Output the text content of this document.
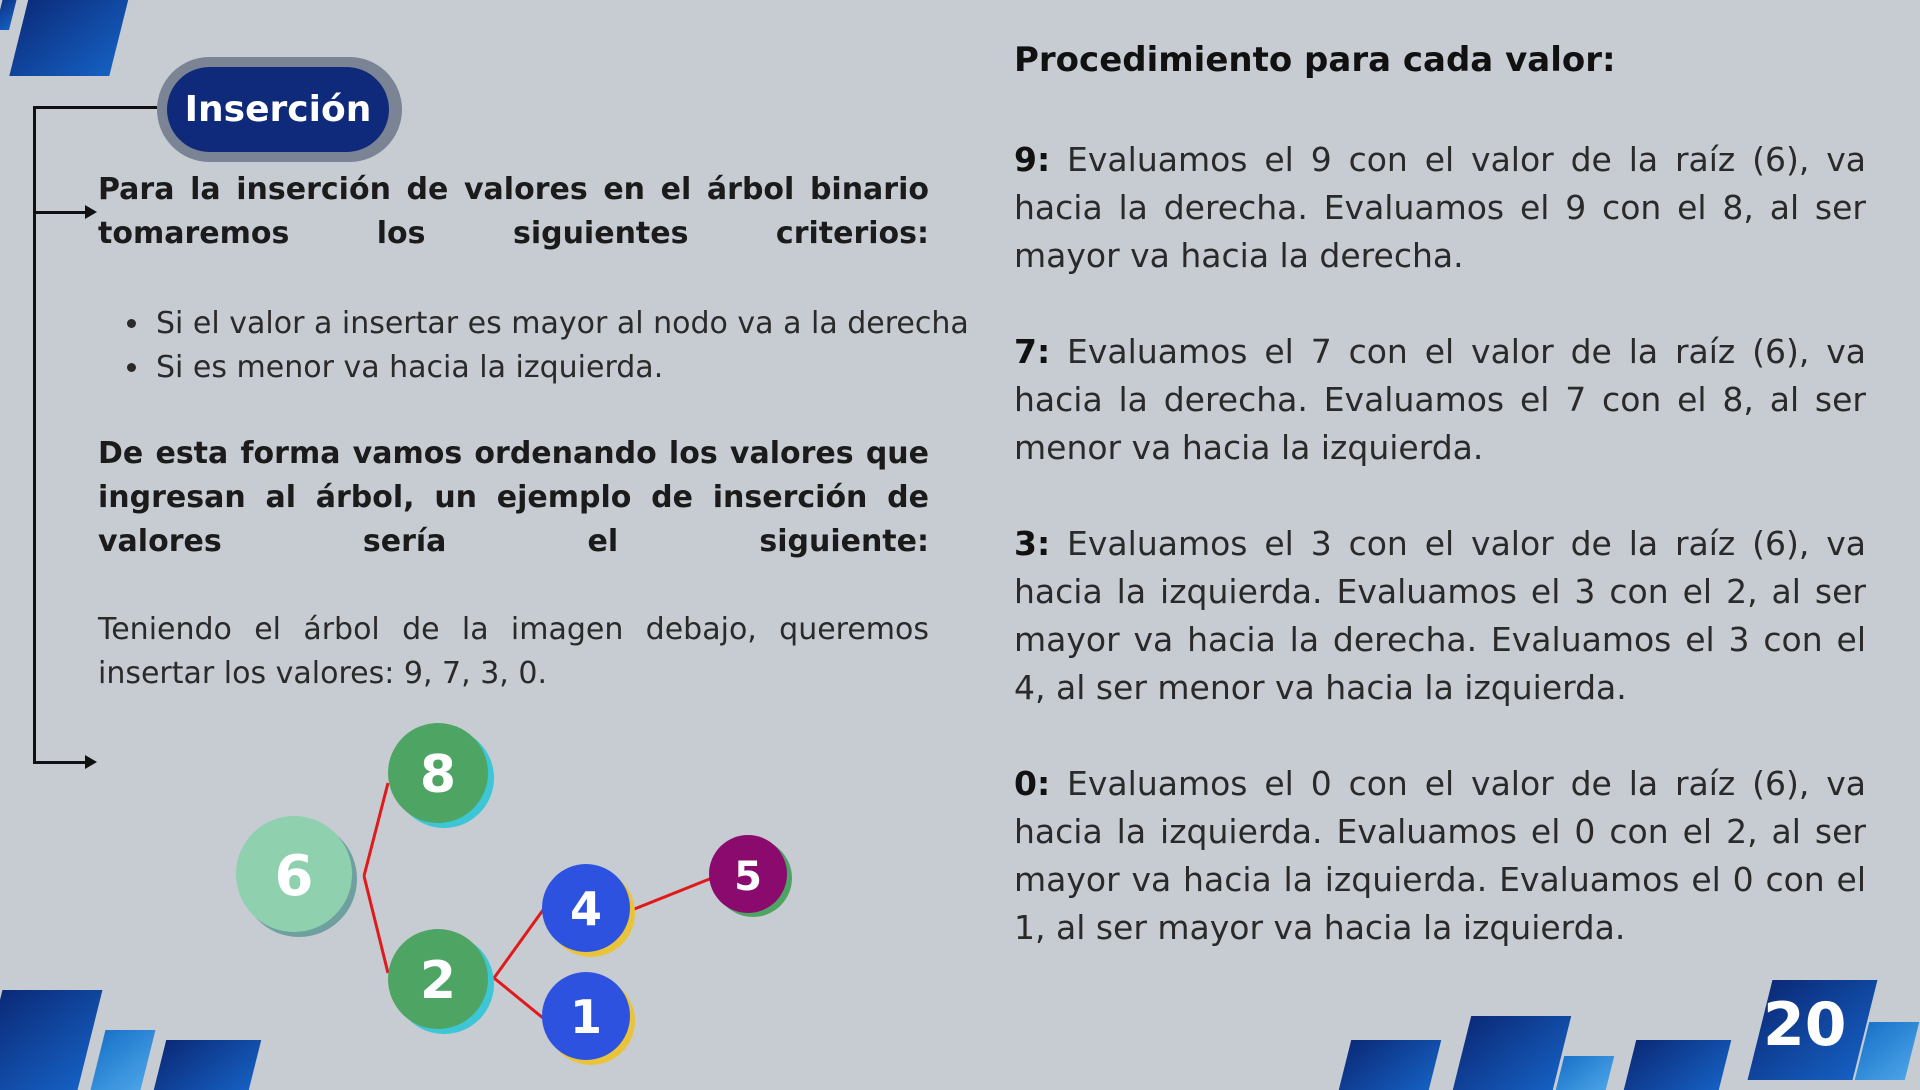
Inserción
Para la inserción de valores en el árbol binario tomaremos los siguientes criterios:
• Si el valor a insertar es mayor al nodo va a la derecha
• Si es menor va hacia la izquierda.
De esta forma vamos ordenando los valores que ingresan al árbol, un ejemplo de inserción de valores sería el siguiente:
Teniendo el árbol de la imagen debajo, queremos insertar los valores: 9, 7, 3, 0.
6
8
2
4
1
5
Procedimiento para cada valor:
9: Evaluamos el 9 con el valor de la raíz (6), va hacia la derecha. Evaluamos el 9 con el 8, al ser mayor va hacia la derecha.
7: Evaluamos el 7 con el valor de la raíz (6), va hacia la derecha. Evaluamos el 7 con el 8, al ser menor va hacia la izquierda.
3: Evaluamos el 3 con el valor de la raíz (6), va hacia la izquierda. Evaluamos el 3 con el 2, al ser mayor va hacia la derecha. Evaluamos el 3 con el 4, al ser menor va hacia la izquierda.
0: Evaluamos el 0 con el valor de la raíz (6), va hacia la izquierda. Evaluamos el 0 con el 2, al ser mayor va hacia la izquierda. Evaluamos el 0 con el 1, al ser mayor va hacia la izquierda.
20
